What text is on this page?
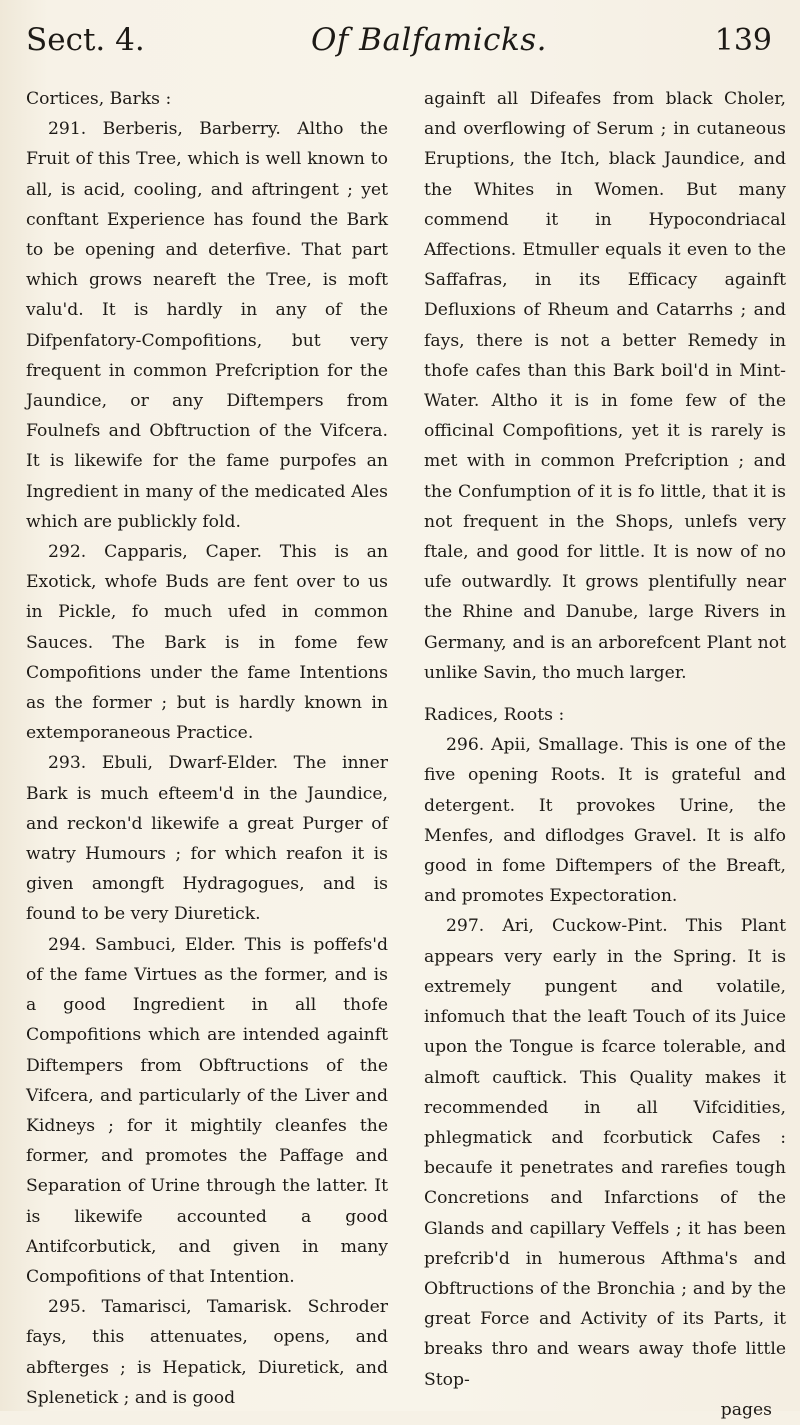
Sect. 4.	Of Balfamicks.	139

Cortices, Barks :

291. Berberis, Barberry. Altho the Fruit of this Tree, which is well known to all, is acid, cooling, and aftringent ; yet conftant Experience has found the Bark to be opening and deterfive. That part which grows neareft the Tree, is moft valu'd. It is hardly in any of the Difpenfatory-Compofitions, but very frequent in common Prefcription for the Jaundice, or any Diftempers from Foulnefs and Obftruction of the Vifcera. It is likewife for the fame purpofes an Ingredient in many of the medicated Ales which are publickly fold.

292. Capparis, Caper. This is an Exotick, whofe Buds are fent over to us in Pickle, fo much ufed in common Sauces. The Bark is in fome few Compofitions under the fame Intentions as the former ; but is hardly known in extemporaneous Practice.

293. Ebuli, Dwarf-Elder. The inner Bark is much efteem'd in the Jaundice, and reckon'd likewife a great Purger of watry Humours ; for which reafon it is given amongft Hydragogues, and is found to be very Diuretick.

294. Sambuci, Elder. This is poffefs'd of the fame Virtues as the former, and is a good Ingredient in all thofe Compofitions which are intended againft Diftempers from Obftructions of the Vifcera, and particularly of the Liver and Kidneys ; for it mightily cleanfes the former, and promotes the Paffage and Separation of Urine through the latter. It is likewife accounted a good Antifcorbutick, and given in many Compofitions of that Intention.

295. Tamarisci, Tamarisk. Schroder fays, this attenuates, opens, and abfterges ; is Hepatick, Diuretick, and Splenetick ; and is good

againft all Difeafes from black Choler, and overflowing of Serum ; in cutaneous Eruptions, the Itch, black Jaundice, and the Whites in Women. But many commend it in Hypocondriacal Affections. Etmuller equals it even to the Saffafras, in its Efficacy againft Defluxions of Rheum and Catarrhs ; and fays, there is not a better Remedy in thofe cafes than this Bark boil'd in Mint-Water. Altho it is in fome few of the officinal Compofitions, yet it is rarely is met with in common Prefcription ; and the Confumption of it is fo little, that it is not frequent in the Shops, unlefs very ftale, and good for little. It is now of no ufe outwardly. It grows plentifully near the Rhine and Danube, large Rivers in Germany, and is an arborefcent Plant not unlike Savin, tho much larger.

Radices, Roots :

296. Apii, Smallage. This is one of the five opening Roots. It is grateful and detergent. It provokes Urine, the Menfes, and diflodges Gravel. It is alfo good in fome Diftempers of the Breaft, and promotes Expectoration.

297. Ari, Cuckow-Pint. This Plant appears very early in the Spring. It is extremely pungent and volatile, infomuch that the leaft Touch of its Juice upon the Tongue is fcarce tolerable, and almoft cauftick. This Quality makes it recommended in all Vifcidities, phlegmatick and fcorbutick Cafes : becaufe it penetrates and rarefies tough Concretions and Infarctions of the Glands and capillary Veffels ; it has been prefcrib'd in humerous Afthma's and Obftructions of the Bronchia ; and by the great Force and Activity of its Parts, it breaks thro and wears away thofe little Stop-

pages
